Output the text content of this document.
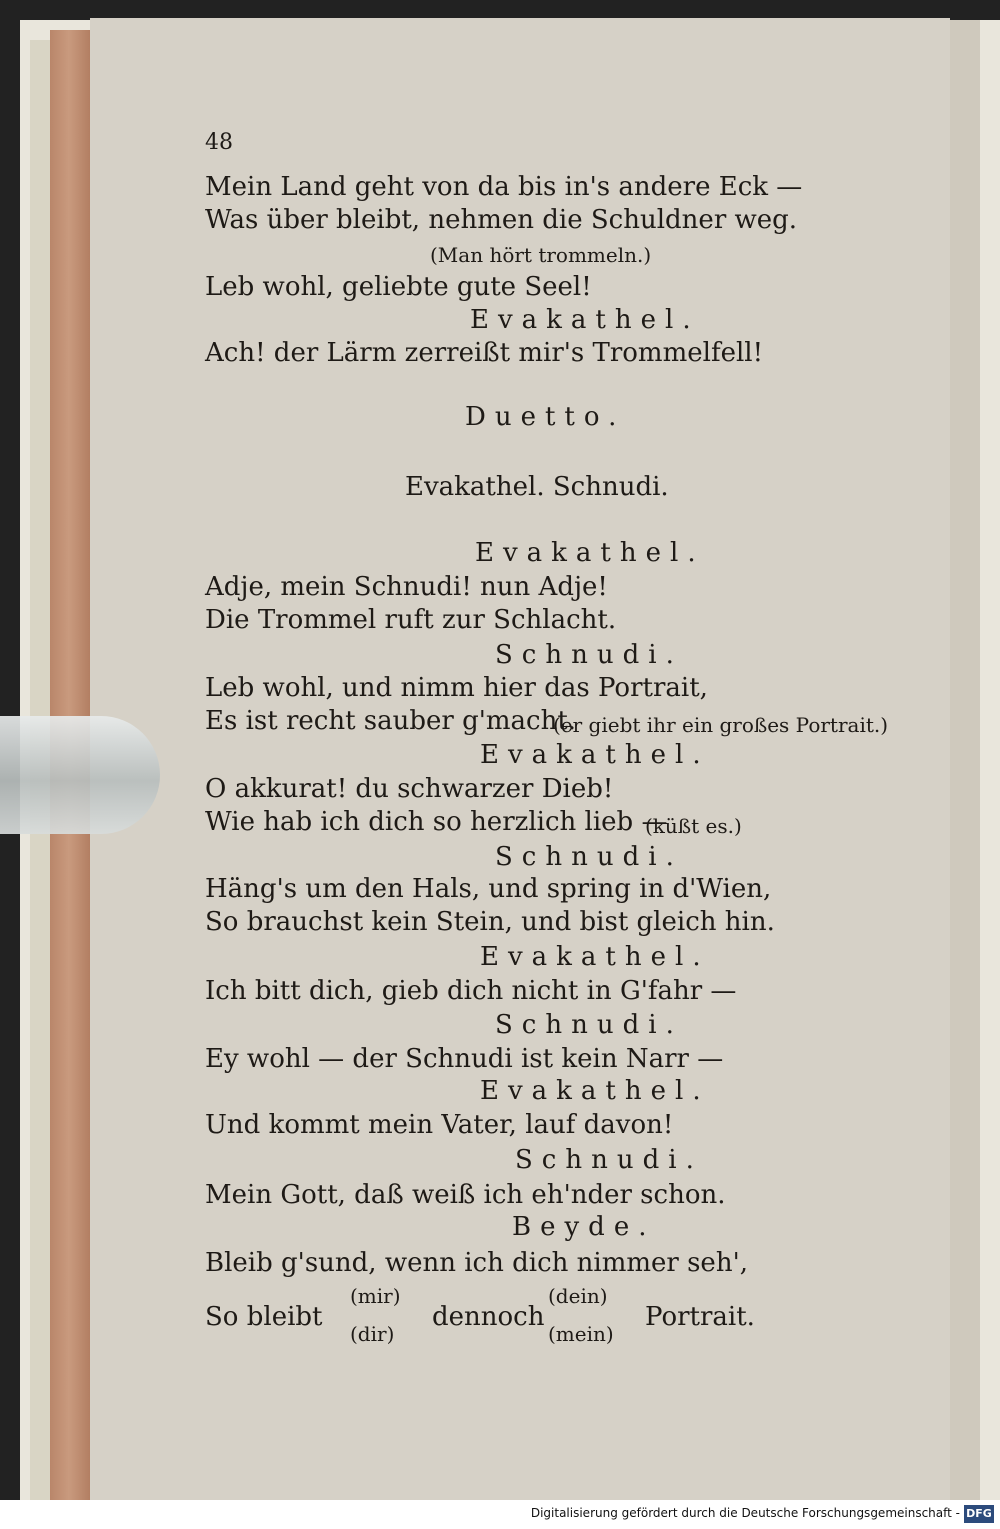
48
Mein Land geht von da bis in's andere Eck —
Was über bleibt, nehmen die Schuldner weg.
(Man hört trommeln.)
Leb wohl, geliebte gute Seel!
Evakathel.
Ach! der Lärm zerreißt mir's Trommelfell!
Duetto.
Evakathel. Schnudi.
Evakathel.
Adje, mein Schnudi! nun Adje!
Die Trommel ruft zur Schlacht.
Schnudi.
Leb wohl, und nimm hier das Portrait,
Es ist recht sauber g'macht.
(er giebt ihr ein großes Portrait.)
Evakathel.
O akkurat! du schwarzer Dieb!
Wie hab ich dich so herzlich lieb —
(küßt es.)
Schnudi.
Häng's um den Hals, und spring in d'Wien,
So brauchst kein Stein, und bist gleich hin.
Evakathel.
Ich bitt dich, gieb dich nicht in G'fahr —
Schnudi.
Ey wohl — der Schnudi ist kein Narr —
Evakathel.
Und kommt mein Vater, lauf davon!
Schnudi.
Mein Gott, daß weiß ich eh'nder schon.
Beyde.
Bleib g'sund, wenn ich dich nimmer seh',
So bleibt
(mir)
(dir)
dennoch
(dein)
(mein)
Portrait.
Digitalisierung gefördert durch die Deutsche Forschungsgemeinschaft - DFG
